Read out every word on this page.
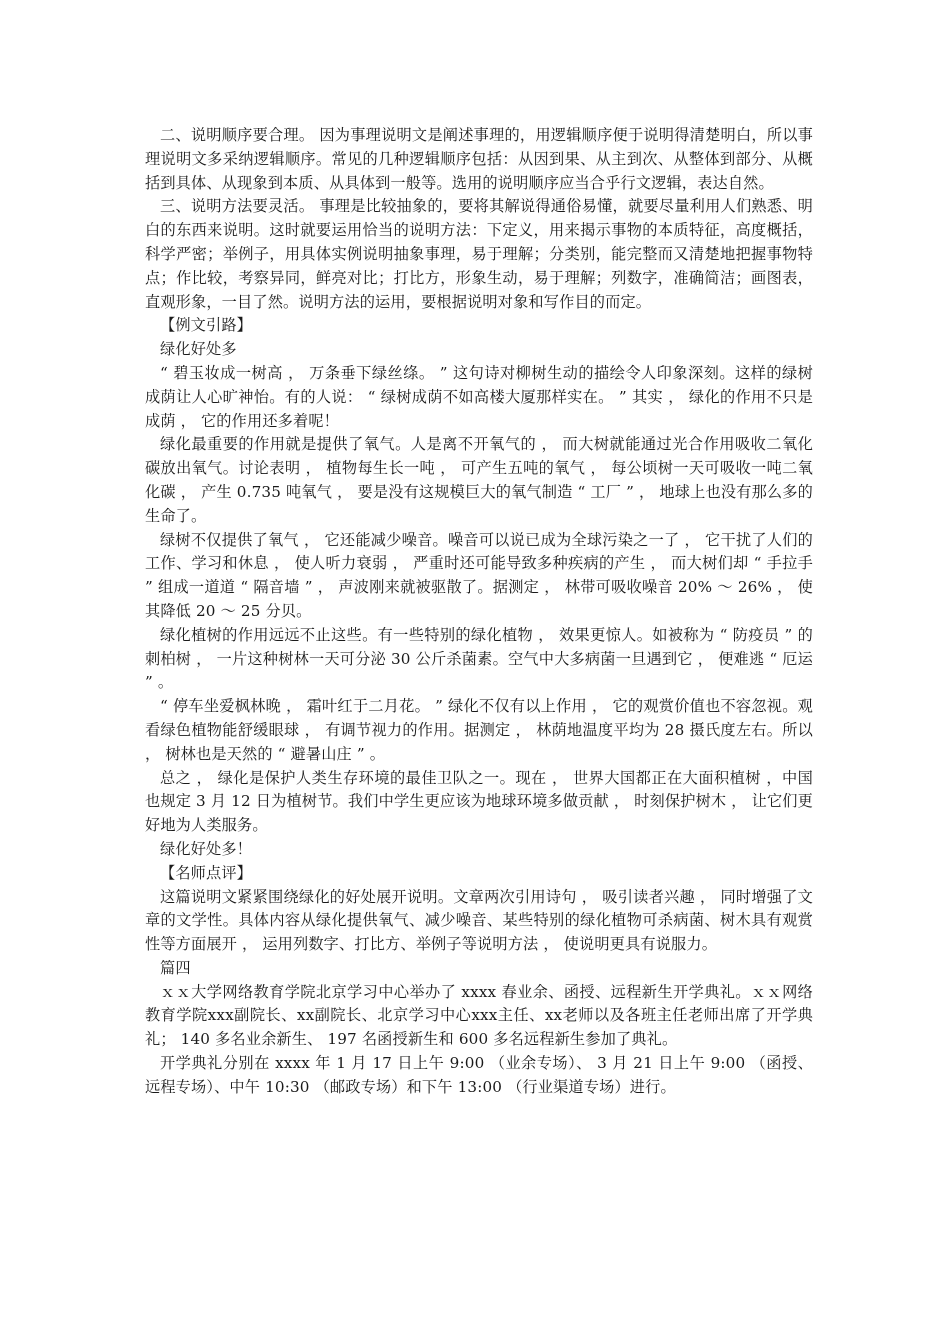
二、说明顺序要合理。 因为事理说明文是阐述事理的，用逻辑顺序便于说明得清楚明白，所以事理说明文多采纳逻辑顺序。常见的几种逻辑顺序包括：从因到果、从主到次、从整体到部分、从概括到具体、从现象到本质、从具体到一般等。选用的说明顺序应当合乎行文逻辑，表达自然。

三、说明方法要灵活。 事理是比较抽象的，要将其解说得通俗易懂，就要尽量利用人们熟悉、明白的东西来说明。这时就要运用恰当的说明方法：下定义，用来揭示事物的本质特征，高度概括，科学严密；举例子，用具体实例说明抽象事理，易于理解；分类别，能完整而又清楚地把握事物特点；作比较，考察异同，鲜亮对比；打比方，形象生动，易于理解；列数字，准确简洁；画图表，直观形象，一目了然。说明方法的运用，要根据说明对象和写作目的而定。

【例文引路】

绿化好处多

“ 碧玉妆成一树高 ， 万条垂下绿丝绦。 ” 这句诗对柳树生动的描绘令人印象深刻。这样的绿树成荫让人心旷神怡。有的人说： “ 绿树成荫不如高楼大厦那样实在。 ” 其实 ， 绿化的作用不只是成荫 ， 它的作用还多着呢！

绿化最重要的作用就是提供了氧气。人是离不开氧气的 ， 而大树就能通过光合作用吸收二氧化碳放出氧气。讨论表明 ， 植物每生长一吨 ， 可产生五吨的氧气 ， 每公顷树一天可吸收一吨二氧化碳 ， 产生 0.735 吨氧气 ， 要是没有这规模巨大的氧气制造 “ 工厂 ” ， 地球上也没有那么多的生命了。

绿树不仅提供了氧气 ， 它还能减少噪音。噪音可以说已成为全球污染之一了 ， 它干扰了人们的工作、学习和休息 ， 使人听力衰弱 ， 严重时还可能导致多种疾病的产生 ， 而大树们却 “ 手拉手 ” 组成一道道 “ 隔音墙 ” ， 声波刚来就被驱散了。据测定 ， 林带可吸收噪音 20% ～ 26% ， 使其降低 20 ～ 25 分贝。

绿化植树的作用远远不止这些。有一些特别的绿化植物 ， 效果更惊人。如被称为 “ 防疫员 ” 的刺柏树 ， 一片这种树林一天可分泌 30 公斤杀菌素。空气中大多病菌一旦遇到它 ， 便难逃 “ 厄运 ” 。

“ 停车坐爱枫林晚 ， 霜叶红于二月花。 ” 绿化不仅有以上作用 ， 它的观赏价值也不容忽视。观看绿色植物能舒缓眼球 ， 有调节视力的作用。据测定 ， 林荫地温度平均为 28 摄氏度左右。所以 ， 树林也是天然的 “ 避暑山庄 ” 。

总之 ， 绿化是保护人类生存环境的最佳卫队之一。现在 ， 世界大国都正在大面积植树 ，中国也规定 3 月 12 日为植树节。我们中学生更应该为地球环境多做贡献 ， 时刻保护树木 ， 让它们更好地为人类服务。

绿化好处多！

【名师点评】

这篇说明文紧紧围绕绿化的好处展开说明。文章两次引用诗句 ， 吸引读者兴趣 ， 同时增强了文章的文学性。具体内容从绿化提供氧气、减少噪音、某些特别的绿化植物可杀病菌、树木具有观赏性等方面展开 ， 运用列数字、打比方、举例子等说明方法 ， 使说明更具有说服力。

篇四

ｘｘ大学网络教育学院北京学习中心举办了 xxxx 春业余、函授、远程新生开学典礼。ｘｘ网络教育学院xxx副院长、xx副院长、北京学习中心xxx主任、xx老师以及各班主任老师出席了开学典礼； 140 多名业余新生、 197 名函授新生和 600 多名远程新生参加了典礼。

开学典礼分别在 xxxx 年 1 月 17 日上午 9:00 （业余专场）、 3 月 21 日上午 9:00 （函授、远程专场）、中午 10:30 （邮政专场）和下午 13:00 （行业渠道专场）进行。
